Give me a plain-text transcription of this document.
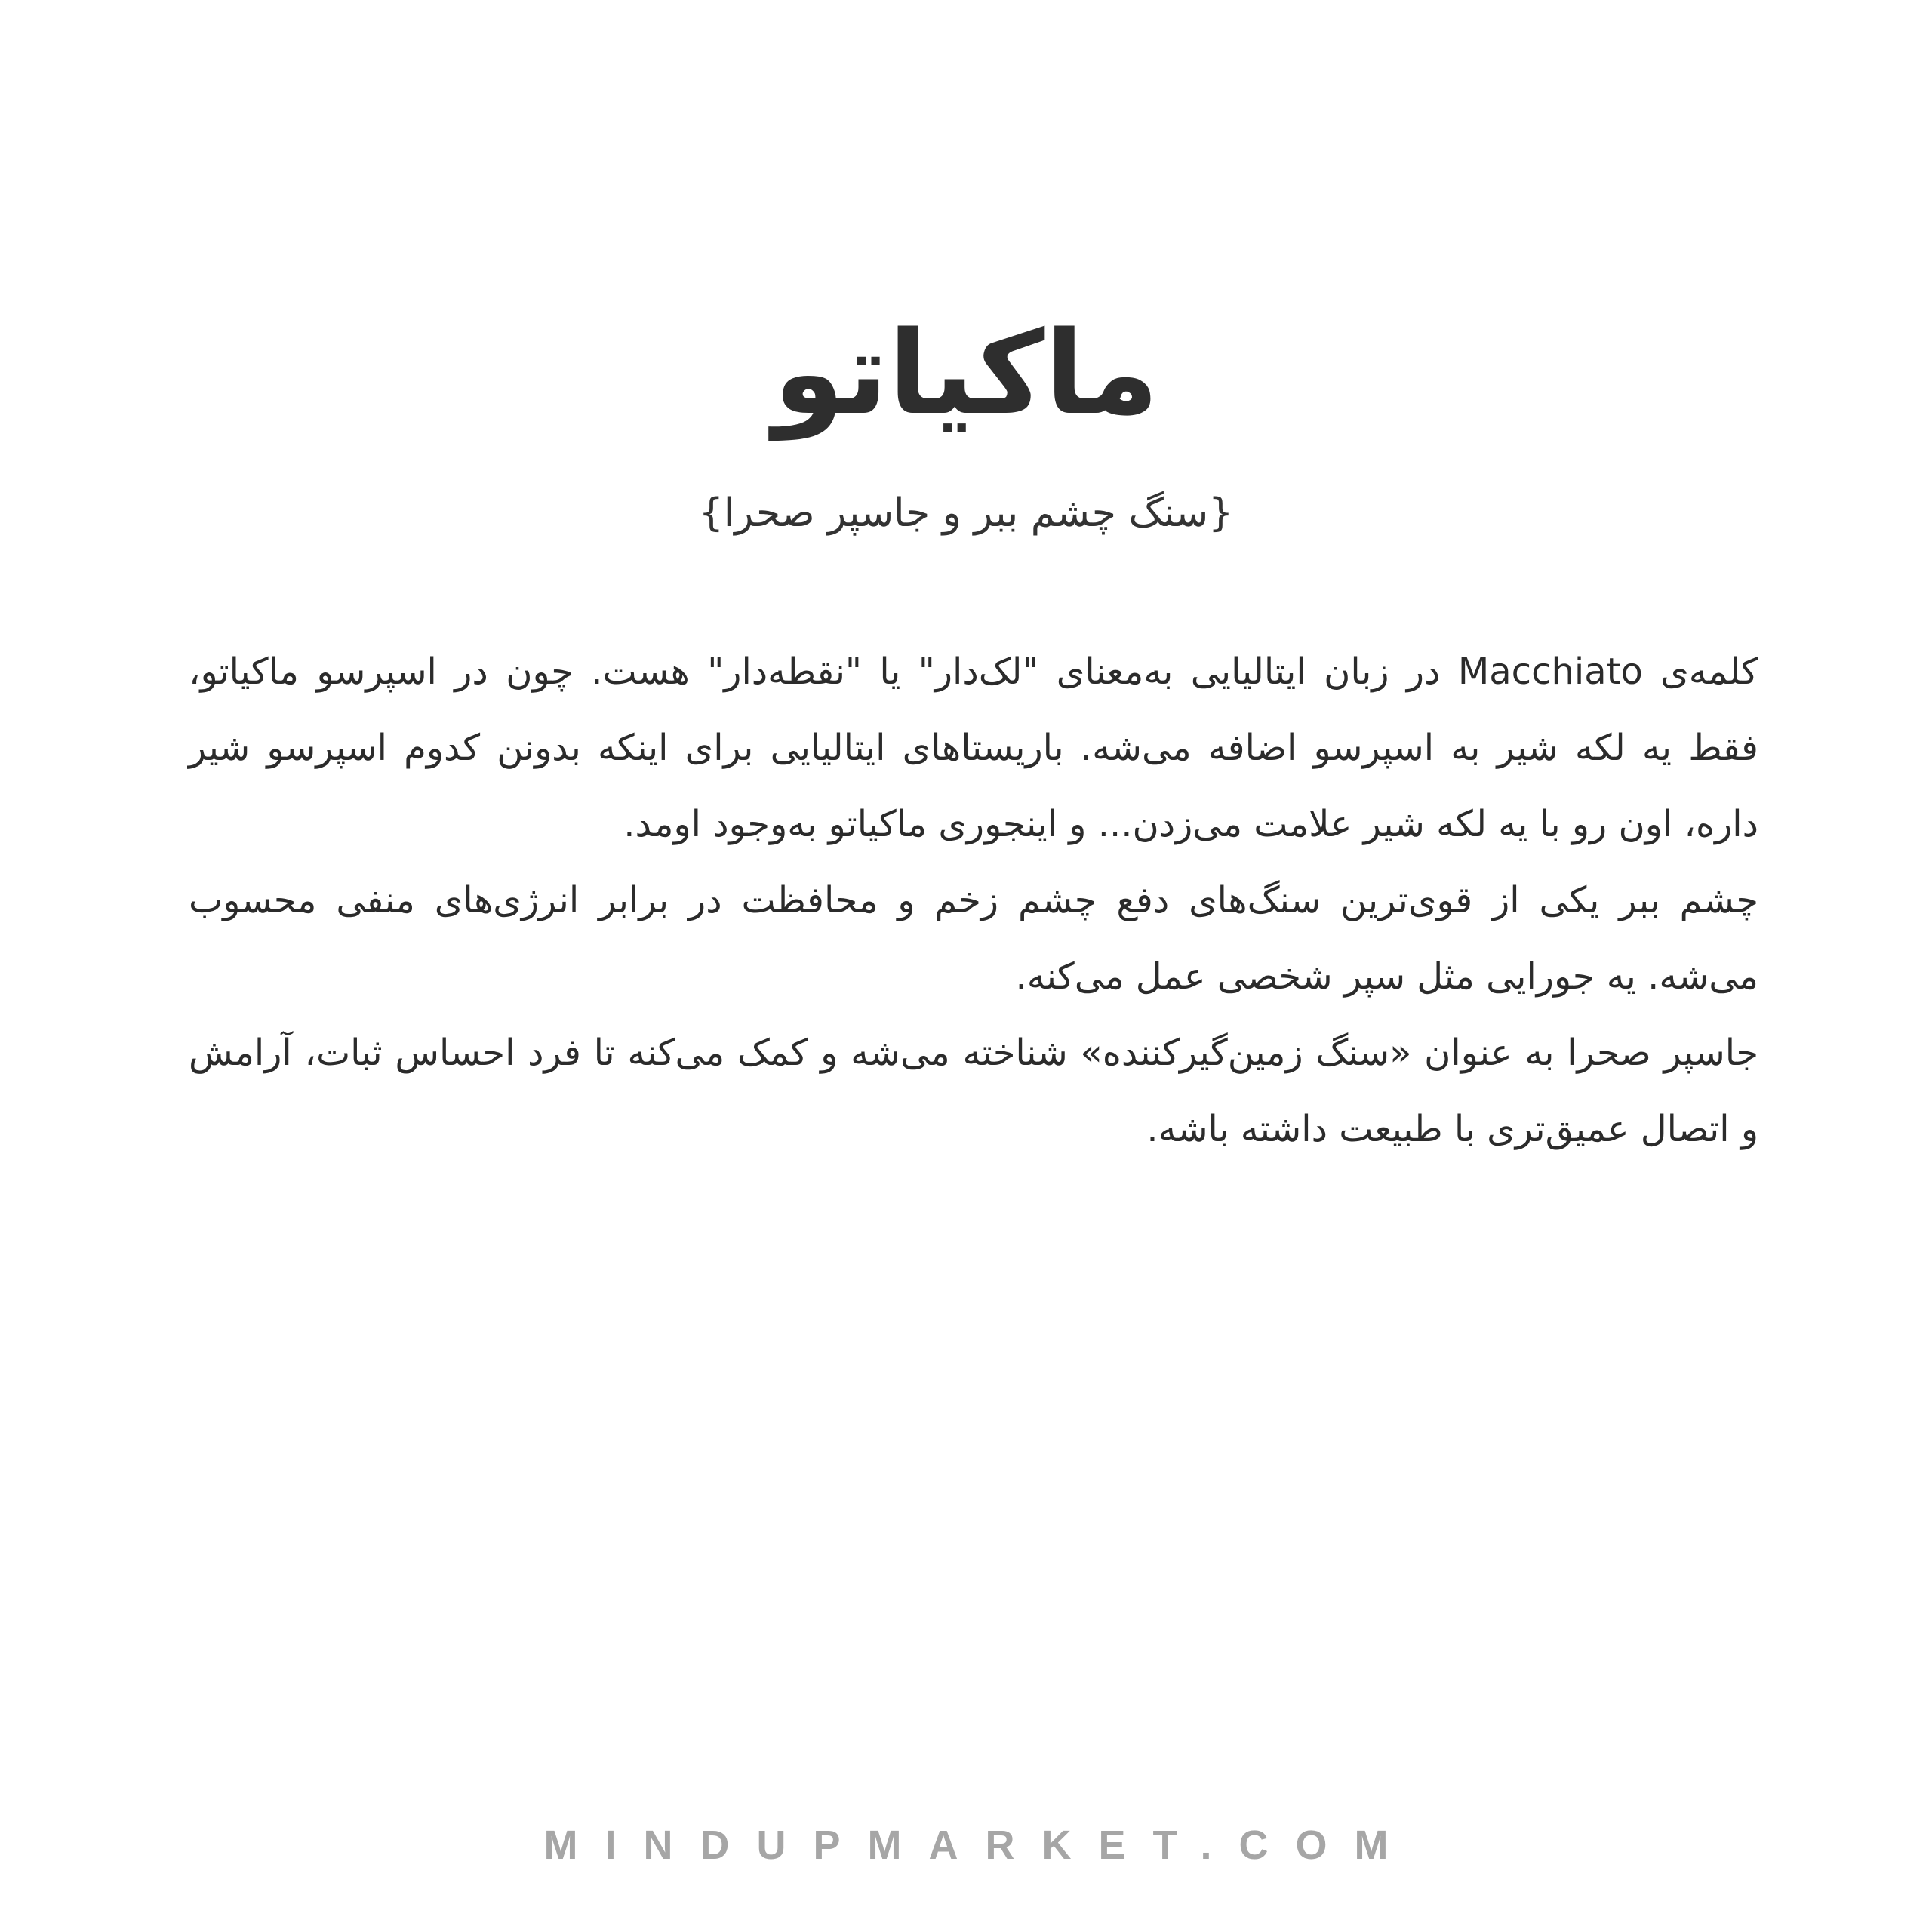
ماکیاتو
{سنگ چشم ببر و جاسپر صحرا}

کلمه‌ی Macchiato در زبان ایتالیایی به‌معنای "لک‌دار" یا "نقطه‌دار" هست. چون در اسپرسو ماکیاتو، فقط یه لکه شیر به اسپرسو اضافه می‌شه. باریستاهای ایتالیایی برای اینکه بدونن کدوم اسپرسو شیر داره، اون رو با یه لکه شیر علامت می‌زدن... و اینجوری ماکیاتو به‌وجود اومد.

چشم ببر یکی از قوی‌ترین سنگ‌های دفع چشم زخم و محافظت در برابر انرژی‌های منفی محسوب می‌شه. یه جورایی مثل سپر شخصی عمل می‌کنه.

جاسپر صحرا به عنوان «سنگ زمین‌گیرکننده» شناخته می‌شه و کمک می‌کنه تا فرد احساس ثبات، آرامش و اتصال عمیق‌تری با طبیعت داشته باشه.

MINDUPMARKET.COM
